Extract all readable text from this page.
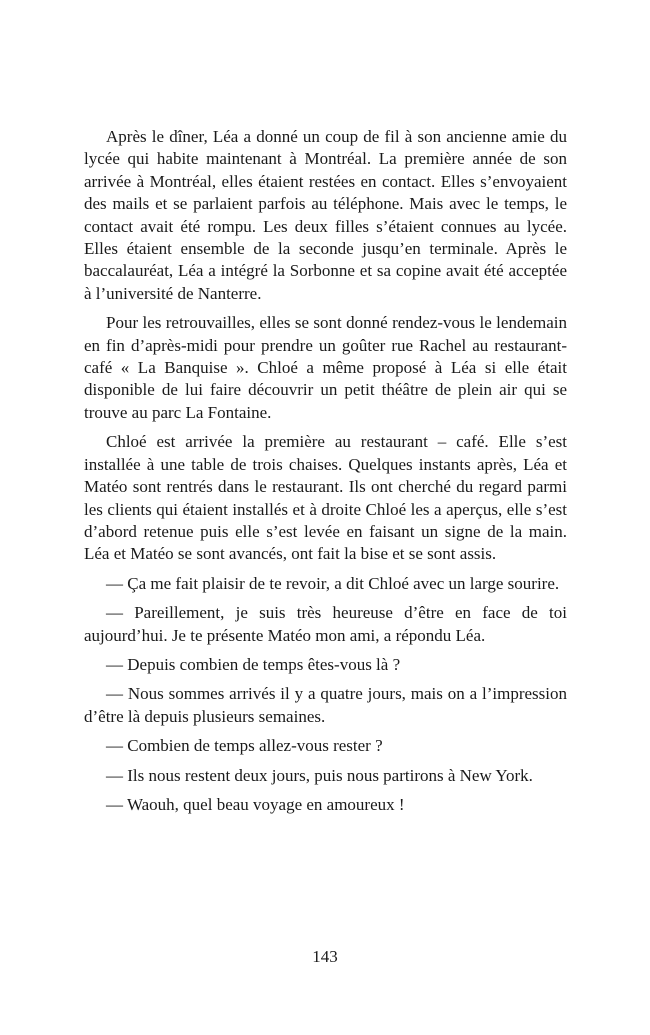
Après le dîner, Léa a donné un coup de fil à son ancienne amie du lycée qui habite maintenant à Montréal. La première année de son arrivée à Montréal, elles étaient restées en contact. Elles s’envoyaient des mails et se parlaient parfois au téléphone. Mais avec le temps, le contact avait été rompu. Les deux filles s’étaient connues au lycée. Elles étaient ensemble de la seconde jusqu’en terminale. Après le baccalauréat, Léa a intégré la Sorbonne et sa copine avait été acceptée à l’université de Nanterre.

Pour les retrouvailles, elles se sont donné rendez-vous le lendemain en fin d’après-midi pour prendre un goûter rue Rachel au restaurant-café « La Banquise ». Chloé a même proposé à Léa si elle était disponible de lui faire découvrir un petit théâtre de plein air qui se trouve au parc La Fontaine.

Chloé est arrivée la première au restaurant – café. Elle s’est installée à une table de trois chaises. Quelques instants après, Léa et Matéo sont rentrés dans le restaurant. Ils ont cherché du regard parmi les clients qui étaient installés et à droite Chloé les a aperçus, elle s’est d’abord retenue puis elle s’est levée en faisant un signe de la main. Léa et Matéo se sont avancés, ont fait la bise et se sont assis.

— Ça me fait plaisir de te revoir, a dit Chloé avec un large sourire.

— Pareillement, je suis très heureuse d’être en face de toi aujourd’hui. Je te présente Matéo mon ami, a répondu Léa.

— Depuis combien de temps êtes-vous là ?

— Nous sommes arrivés il y a quatre jours, mais on a l’impression d’être là depuis plusieurs semaines.

— Combien de temps allez-vous rester ?

— Ils nous restent deux jours, puis nous partirons à New York.

— Waouh, quel beau voyage en amoureux !

143
